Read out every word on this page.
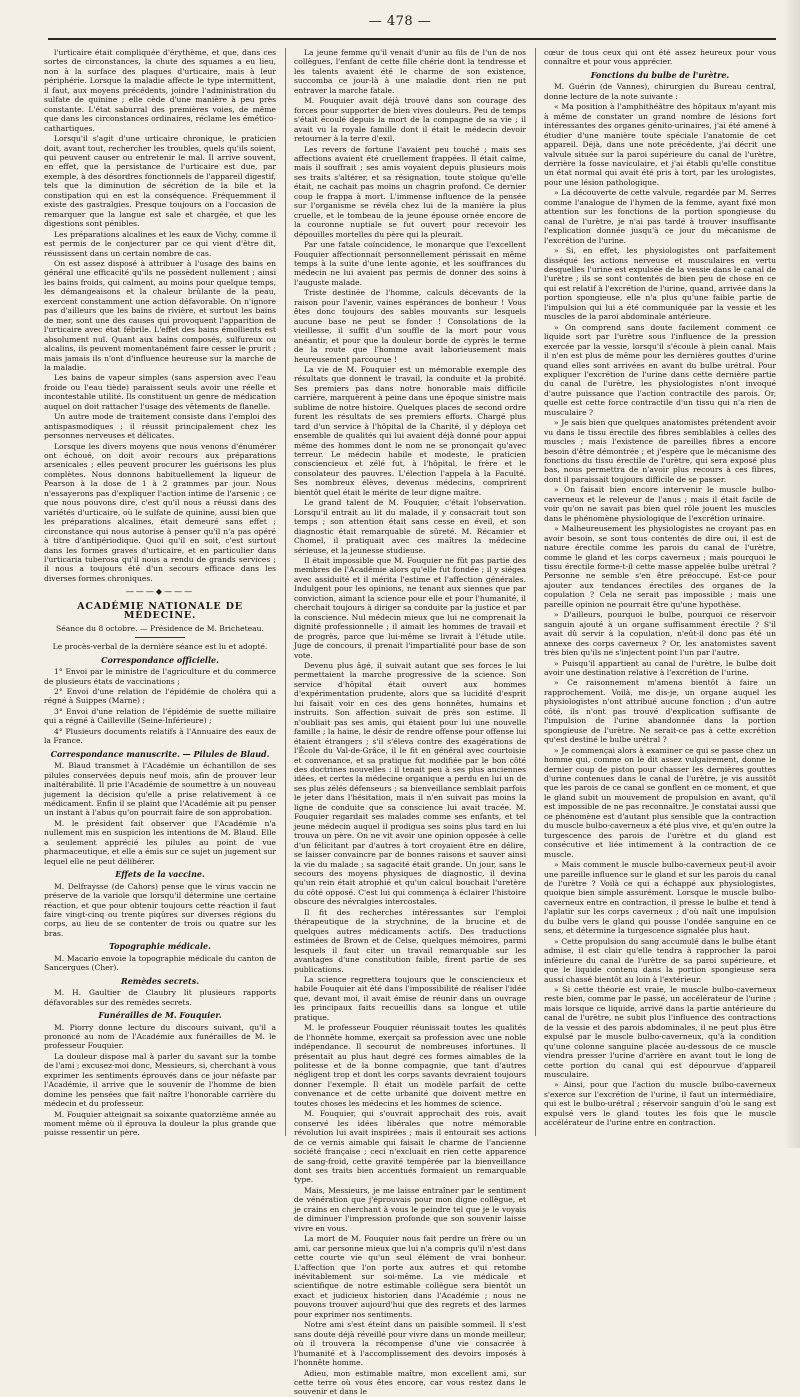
— 478 —

l'urticaire était compliquée d'érythème, et que, dans ces sortes de circonstances, la chute des squames a eu lieu, non à la surface des plaques d'urticaire, mais à leur périphérie. Lorsque la maladie affecte le type intermittent, il faut, aux moyens précédents, joindre l'administration du sulfate de quinine ; elle cède d'une manière à peu près constante. L'état saburral des premières voies, de même que dans les circonstances ordinaires, réclame les émético-cathartiques.

Lorsqu'il s'agit d'une urticaire chronique, le praticien doit, avant tout, rechercher les troubles, quels qu'ils soient, qui peuvent causer ou entretenir le mal. Il arrive souvent, en effet, que la persistance de l'urticaire est due, par exemple, à des désordres fonctionnels de l'appareil digestif, tels que la diminution de sécrétion de la bile et la constipation qui en est la conséquence. Fréquemment il existe des gastralgies. Presque toujours on a l'occasion de remarquer que la langue est sale et chargée, et que les digestions sont pénibles.

Les préparations alcalines et les eaux de Vichy, comme il est permis de le conjecturer par ce qui vient d'être dit, réussissent dans un certain nombre de cas.

On est assez disposé à attribuer à l'usage des bains en général une efficacité qu'ils ne possèdent nullement ; ainsi les bains froids, qui calment, au moins pour quelque temps, les démangeaisons et la chaleur brûlante de la peau, exercent constamment une action défavorable. On n'ignore pas d'ailleurs que les bains de rivière, et surtout les bains de mer, sont une des causes qui provoquent l'apparition de l'urticaire avec état fébrile. L'effet des bains émollients est absolument nul. Quant aux bains composés, sulfureux ou alcalins, ils peuvent momentanément faire cesser le prurit ; mais jamais ils n'ont d'influence heureuse sur la marche de la maladie.

Les bains de vapeur simples (sans aspersion avec l'eau froide ou l'eau tiède) paraissent seuls avoir une réelle et incontestable utilité. Ils constituent un genre de médication auquel on doit rattacher l'usage des vêtements de flanelle.

Un autre mode de traitement consiste dans l'emploi des antispasmodiques ; il réussit principalement chez les personnes nerveuses et délicates.

Lorsque les divers moyens que nous venons d'énumérer ont échoué, on doit avoir recours aux préparations arsenicales ; elles peuvent procurer les guérisons les plus complètes. Nous donnons habituellement la liqueur de Pearson à la dose de 1 à 2 grammes par jour. Nous n'essayerons pas d'expliquer l'action intime de l'arsenic ; ce que nous pouvons dire, c'est qu'il nous a réussi dans des variétés d'urticaire, où le sulfate de quinine, aussi bien que les préparations alcalines, était demeuré sans effet ; circonstance qui nous autorise à penser qu'il n'a pas opéré à titre d'antipériodique. Quoi qu'il en soit, c'est surtout dans les formes graves d'urticaire, et en particulier dans l'urticaria tuberosa qu'il nous a rendu de grands services ; il nous a toujours été d'un secours efficace dans les diverses formes chroniques.

———◆———

ACADÉMIE NATIONALE DE MÉDECINE.

Séance du 8 octobre. — Présidence de M. Bricheteau.

Le procès-verbal de la dernière séance est lu et adopté.

Correspondance officielle.

1° Envoi par le ministre de l'agriculture et du commerce de plusieurs états de vaccinations ;

2° Envoi d'une relation de l'épidémie de choléra qui a régné à Suippes (Marne) ;

3° Envoi d'une relation de l'épidémie de suette miliaire qui a régné à Cailleville (Seine-Inférieure) ;

4° Plusieurs documents relatifs à l'Annuaire des eaux de la France.

Correspondance manuscrite. — Pilules de Blaud.

M. Blaud transmet à l'Académie un échantillon de ses pilules conservées depuis neuf mois, afin de prouver leur inaltérabilité. Il prie l'Académie de soumettre à un nouveau jugement la décision qu'elle a prise relativement à ce médicament. Enfin il se plaint que l'Académie ait pu penser un instant à l'abus qu'on pourrait faire de son approbation.

M. le président fait observer que l'Académie n'a nullement mis en suspicion les intentions de M. Blaud. Elle a seulement apprécié les pilules au point de vue pharmaceutique, et elle a émis sur ce sujet un jugement sur lequel elle ne peut délibérer.

Effets de la vaccine.

M. Delfraysse (de Cahors) pense que le virus vaccin ne préserve de la variole que lorsqu'il détermine une certaine réaction, et que pour obtenir toujours cette réaction il faut faire vingt-cinq ou trente piqûres sur diverses régions du corps, au lieu de se contenter de trois ou quatre sur les bras.

Topographie médicale.

M. Macario envoie la topographie médicale du canton de Sancergues (Cher).

Remèdes secrets.

M. H. Gaultier de Claubry lit plusieurs rapports défavorables sur des remèdes secrets.

Funérailles de M. Fouquier.

M. Piorry donne lecture du discours suivant, qu'il a prononcé au nom de l'Académie aux funérailles de M. le professeur Fouquier.

La douleur dispose mal à parler du savant sur la tombe de l'ami ; excusez-moi donc, Messieurs, si, cherchant à vous exprimer les sentiments éprouvés dans ce jour néfaste par l'Académie, il arrive que le souvenir de l'homme de bien domine les pensées que fait naître l'honorable carrière du médecin et du professeur.

M. Fouquier atteignait sa soixante quatorzième année au moment même où il éprouva la douleur la plus grande que puisse ressentir un père.

La jeune femme qu'il venait d'unir au fils de l'un de nos collègues, l'enfant de cette fille chérie dont la tendresse et les talents avaient été le charme de son existence, succomba ce jour-là à une maladie dont rien ne put entraver la marche fatale.

M. Fouquier avait déjà trouvé dans son courage des forces pour supporter de bien vives douleurs. Peu de temps s'était écoulé depuis la mort de la compagne de sa vie ; il avait vu la royale famille dont il était le médecin devoir retourner à la terre d'exil.

Les revers de fortune l'avaient peu touché ; mais ses affections avaient été cruellement frappées. Il était calme, mais il souffrait ; ses amis voyaient depuis plusieurs mois ses traits s'altérer, et sa résignation, toute stoïque qu'elle était, ne cachait pas moins un chagrin profond. Ce dernier coup le frappa à mort. L'immense influence de la pensée sur l'organisme se révéla chez lui de la manière la plus cruelle, et le tombeau de la jeune épouse ornée encore de la couronne nuptiale se fut ouvert pour recevoir les dépouilles mortelles du père qui la pleurait.

Par une fatale coïncidence, le monarque que l'excellent Fouquier affectionnait personnellement périssait en même temps à la suite d'une lente agonie, et les souffrances du médecin ne lui avaient pas permis de donner des soins à l'auguste malade.

Triste destinée de l'homme, calculs décevants de la raison pour l'avenir, vaines espérances de bonheur ! Vous êtes donc toujours des sables mouvants sur lesquels aucune base ne peut se fonder ! Consolations de la vieillesse, il suffit d'un souffle de la mort pour vous anéantir, et pour que la douleur borde de cyprès le terme de la route que l'homme avait laborieusement mais heureusement parcourue !

La vie de M. Fouquier est un mémorable exemple des résultats que donnent le travail, la conduite et la probité. Ses premiers pas dans notre honorable mais difficile carrière, marquèrent à peine dans une époque sinistre mais sublime de notre histoire. Quelques places de second ordre furent les résultats de ses premiers efforts. Chargé plus tard d'un service à l'hôpital de la Charité, il y déploya cet ensemble de qualités qui lui avaient déjà donné pour appui même des hommes dont le nom ne se prononçait qu'avec terreur. Le médecin habile et modeste, le praticien consciencieux et zélé fut, à l'hôpital, le frère et le consolateur des pauvres. L'élection l'appela à la Faculté. Ses nombreux élèves, devenus médecins, comprirent bientôt quel était le mérite de leur digne maître.

Le grand talent de M. Fouquier, c'était l'observation. Lorsqu'il entrait au lit du malade, il y consacrait tout son temps ; son attention était sans cesse en éveil, et son diagnostic était remarquable de sûreté. M. Récamier et Chomel, il pratiquait avec ces maîtres la médecine sérieuse, et la jeunesse studieuse.

Il était impossible que M. Fouquier ne fût pas partie des membres de l'Académie alors qu'elle fut fondée ; il y siégea avec assiduité et il mérita l'estime et l'affection générales. Indulgent pour les opinions, ne tenant aux siennes que par conviction, aimant la science pour elle et pour l'humanité, il cherchait toujours à diriger sa conduite par la justice et par la conscience. Nul médecin mieux que lui ne comprenait la dignité professionnelle ; il aimait les hommes de travail et de progrès, parce que lui-même se livrait à l'étude utile. Juge de concours, il prenait l'impartialité pour base de son vote.

Devenu plus âgé, il suivait autant que ses forces le lui permettaient la marche progressive de la science. Son service d'hôpital était ouvert aux hommes d'expérimentation prudente, alors que sa lucidité d'esprit lui faisait voir en ces des gens honnêtes, humains et instruits. Son affection suivait de près son estime. Il n'oubliait pas ses amis, qui étaient pour lui une nouvelle famille ; la haine, le désir de rendre offense pour offense lui étaient étrangers ; s'il s'éleva contre des exagérations de l'École du Val-de-Grâce, il le fit en général avec courtoisie et convenance, et sa pratique fut modifiée par le bon côté des doctrines nouvelles : il tenait peu à ses plus anciennes idées, et certes la médecine organique a perdu en lui un de ses plus zélés défenseurs ; sa bienveillance semblait parfois le jeter dans l'hésitation, mais il n'en suivait pas moins la ligne de conduite que sa conscience lui avait tracée. M. Fouquier regardait ses malades comme ses enfants, et tel jeune médecin auquel il prodigua ses soins plus tard en lui trouva un père. On ne vit avoir une opinion opposée à celle d'un félicitant par d'autres à tort croyaient être en délire, se laisser convaincre par de bonnes raisons et sauver ainsi la vie du malade ; sa sagacité était grande. Un jour, sans le secours des moyens physiques de diagnostic, il devina qu'un rein était atrophié et qu'un calcul bouchait l'uretère du côté opposé. C'est lui qui commença à éclairer l'histoire obscure des névralgies intercostales.

Il fit des recherches intéressantes sur l'emploi thérapeutique de la strychnine, de la brucine et de quelques autres médicaments actifs. Des traductions estimées de Brown et de Celse, quelques mémoires, parmi lesquels il faut citer un travail remarquable sur les avantages d'une constitution faible, firent partie de ses publications.

La science regrettera toujours que le consciencieux et habile Fouquier ait été dans l'impossibilité de réaliser l'idée que, devant moi, il avait émise de réunir dans un ouvrage les principaux faits recueillis dans sa longue et utile pratique.

M. le professeur Fouquier réunissait toutes les qualités de l'honnête homme, exerçait sa profession avec une noble indépendance. Il secourut de nombreuses infortunes. Il présentait au plus haut degré ces formes aimables de la politesse et de la bonne compagnie, que tant d'autres négligent trop et dont les corps savants devraient toujours donner l'exemple. Il était un modèle parfait de cette convenance et de cette urbanité que doivent mettre en toutes choses les médecins et les hommes de science.

M. Fouquier, qui s'ouvrait approchait des rois, avait conservé les idées libérales que notre mémorable révolution lui avait inspirées ; mais il entourait ses actions de ce vernis aimable qui faisait le charme de l'ancienne société française ; ceci n'excluait en rien cette apparence de sang-froid, cette gravité tempérée par la bienveillance dont ses traits bien accentués formaient un remarquable type.

Mais, Messieurs, je me laisse entraîner par le sentiment de vénération que j'éprouvais pour mon digne collègue, et je crains en cherchant à vous le peindre tel que je le voyais de diminuer l'impression profonde que son souvenir laisse vivre en vous.

La mort de M. Fouquier nous fait perdre un frère ou un ami, car personne mieux que lui n'a compris qu'il n'est dans cette courte vie qu'un seul élément de vrai bonheur. L'affection que l'on porte aux autres et qui retombe inévitablement sur soi-même. La vie médicale et scientifique de notre estimable collègue sera bientôt un exact et judicieux historien dans l'Académie ; nous ne pouvons trouver aujourd'hui que des regrets et des larmes pour exprimer nos sentiments.

Notre ami s'est éteint dans un paisible sommeil. Il s'est sans doute déjà réveillé pour vivre dans un monde meilleur, où il trouvera la récompense d'une vie consacrée à l'humanité et à l'accomplissement des devoirs imposés à l'honnête homme.

Adieu, mon estimable maître, mon excellent ami, sur cette terre où vous êtes encore, car vous restez dans le souvenir et dans le

cœur de tous ceux qui ont été assez heureux pour vous connaître et pour vous apprécier.

Fonctions du bulbe de l'urètre.

M. Guérin (de Vannes), chirurgien du Bureau central, donne lecture de la note suivante :

« Ma position à l'amphithéâtre des hôpitaux m'ayant mis à même de constater un grand nombre de lésions fort intéressantes des organes génito-urinaires, j'ai été amené à étudier d'une manière toute spéciale l'anatomie de cet appareil. Déjà, dans une note précédente, j'ai décrit une valvule située sur la paroi supérieure du canal de l'urètre, derrière la fosse naviculaire, et j'ai établi qu'elle constitue un état normal qui avait été pris à tort, par les urologistes, pour une lésion pathologique.

» La découverte de cette valvule, regardée par M. Serres comme l'analogue de l'hymen de la femme, ayant fixé mon attention sur les fonctions de la portion spongieuse du canal de l'urètre, je n'ai pas tardé à trouver insuffisante l'explication donnée jusqu'à ce jour du mécanisme de l'excrétion de l'urine.

» Si, en effet, les physiologistes ont parfaitement disséqué les actions nerveuse et musculaires en vertu desquelles l'urine est expulsée de la vessie dans le canal de l'urètre ; ils se sont contentés de bien peu de chose en ce qui est relatif à l'excrétion de l'urine, quand, arrivée dans la portion spongieuse, elle n'a plus qu'une faible partie de l'impulsion qui lui a été communiquée par la vessie et les muscles de la paroi abdominale antérieure.

» On comprend sans doute facilement comment ce liquide sort par l'urètre sous l'influence de la pression exercée par la vessie, lorsqu'il s'écoule à plein canal. Mais il n'en est plus de même pour les dernières gouttes d'urine quand elles sont arrivées en avant du bulbe urétral. Pour expliquer l'excrétion de l'urine dans cette dernière partie du canal de l'urètre, les physiologistes n'ont invoqué d'autre puissance que l'action contractile des parois. Or, quelle est cette force contractile d'un tissu qui n'a rien de musculaire ?

» Je sais bien que quelques anatomistes prétendent avoir vu dans le tissu érectile des fibres semblables à celles des muscles ; mais l'existence de pareilles fibres a encore besoin d'être démontrée ; et j'espère que le mécanisme des fonctions du tissu érectile de l'urètre, qui sera exposé plus bas, nous permettra de n'avoir plus recours à ces fibres, dont il paraissait toujours difficile de se passer.

» On faisait bien encore intervenir le muscle bulbo-caverneux et le releveur de l'anus ; mais il était facile de voir qu'on ne savait pas bien quel rôle jouent les muscles dans le phénomène physiologique de l'excrétion urinaire.

» Malheureusement les physiologistes ne croyant pas en avoir besoin, se sont tous contentés de dire oui, il est de nature érectile comme les parois du canal de l'urètre, comme le gland et les corps caverneux ; mais pourquoi le tissu érectile forme-t-il cette masse appelée bulbe urétral ? Personne ne semble s'en être préoccupé. Est-ce pour ajouter aux tendances érectiles des organes de la copulation ? Cela ne serait pas impossible ; mais une pareille opinion ne pourrait être qu'une hypothèse.

» D'ailleurs, pourquoi le bulbe, pourquoi ce réservoir sanguin ajouté à un organe suffisamment érectile ? S'il avait dû servir à la copulation, n'eût-il donc pas été un annexe des corps caverneux ? Or, les anatomistes savent très bien qu'ils ne s'injectent point l'un par l'autre.

» Puisqu'il appartient au canal de l'urètre, le bulbe doit avoir une destination relative à l'excrétion de l'urine.

» Ce raisonnement m'amena bientôt à faire un rapprochement. Voilà, me dis-je, un organe auquel les physiologistes n'ont attribué aucune fonction ; d'un autre côté, ils n'ont pas trouvé d'explication suffisante de l'impulsion de l'urine abandonnée dans la portion spongieuse de l'urètre. Ne serait-ce pas à cette excrétion qu'est destiné le bulbe urétral ?

» Je commençai alors à examiner ce qui se passe chez un homme qui, comme on le dit assez vulgairement, donne le dernier coup de piston pour chasser les dernières gouttes d'urine contenues dans le canal de l'urètre, je vis aussitôt que les parois de ce canal se gonflent en ce moment, et que le gland subit un mouvement de propulsion en avant, qu'il est impossible de ne pas reconnaître. Je constatai aussi que ce phénomène est d'autant plus sensible que la contraction du muscle bulbo-caverneux a été plus vive, et qu'en outre la turgescence des parois de l'urètre et du gland est consécutive et liée intimement à la contraction de ce muscle.

» Mais comment le muscle bulbo-caverneux peut-il avoir une pareille influence sur le gland et sur les parois du canal de l'urètre ? Voilà ce qui a échappé aux physiologistes, quoique bien simple assurément. Lorsque le muscle bulbo-caverneux entre en contraction, il presse le bulbe et tend à l'aplatir sur les corps caverneux ; d'où naît une impulsion du bulbe vers le gland qui pousse l'ondée sanguine en ce sens, et détermine la turgescence signalée plus haut.

» Cette propulsion du sang accumulé dans le bulbe étant admise, il est clair qu'elle tendra à rapprocher la paroi inférieure du canal de l'urètre de sa paroi supérieure, et que le liquide contenu dans la portion spongieuse sera aussi chassé bientôt au loin à l'extérieur.

» Si cette théorie est vraie, le muscle bulbo-caverneux reste bien, comme par le passé, un accélérateur de l'urine ; mais lorsque ce liquide, arrivé dans la partie antérieure du canal de l'urètre, ne subit plus l'influence des contractions de la vessie et des parois abdominales, il ne peut plus être expulsé par le muscle bulbo-caverneux, qu'à la condition qu'une colonne sanguine placée au-dessous de ce muscle viendra presser l'urine d'arrière en avant tout le long de cette portion du canal qui est dépourvue d'appareil musculaire.

» Ainsi, pour que l'action du muscle bulbo-caverneux s'exerce sur l'excrétion de l'urine, il faut un intermédiaire, qui est le bulbo-urétral ; réservoir sanguin d'où le sang est expulsé vers le gland toutes les fois que le muscle accélérateur de l'urine entre en contraction.
